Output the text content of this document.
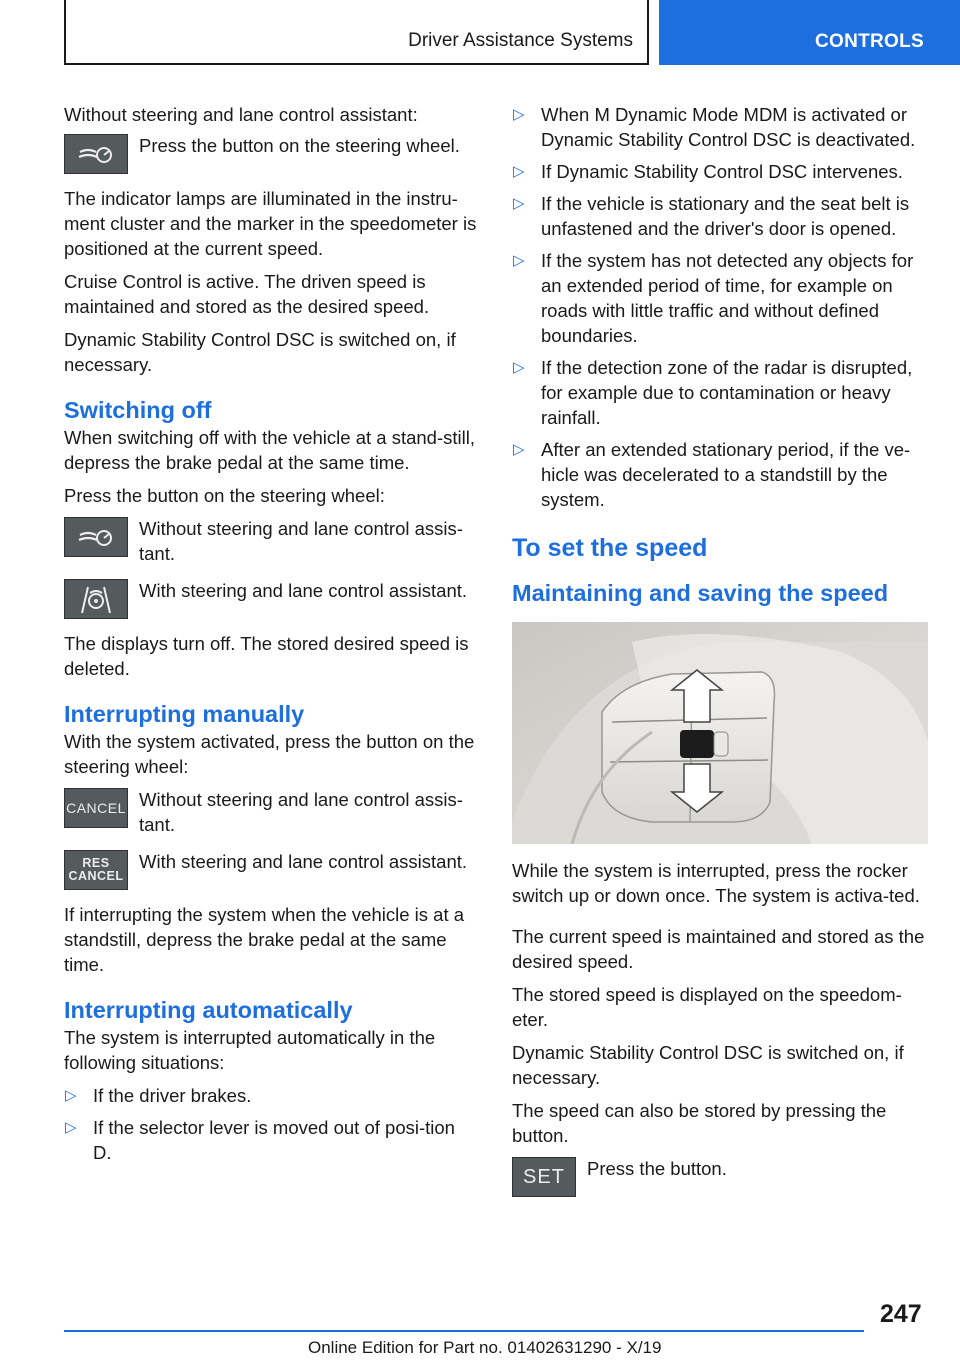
Driver Assistance Systems	CONTROLS

Without steering and lane control assistant:

Press the button on the steering wheel.

The indicator lamps are illuminated in the instru-ment cluster and the marker in the speedometer is positioned at the current speed.

Cruise Control is active. The driven speed is maintained and stored as the desired speed.

Dynamic Stability Control DSC is switched on, if necessary.

Switching off

When switching off with the vehicle at a stand-still, depress the brake pedal at the same time.

Press the button on the steering wheel:

Without steering and lane control assis-tant.

With steering and lane control assistant.

The displays turn off. The stored desired speed is deleted.

Interrupting manually

With the system activated, press the button on the steering wheel:

CANCEL Without steering and lane control assis-tant.

RES
CANCEL

With steering and lane control assistant.

If interrupting the system when the vehicle is at a standstill, depress the brake pedal at the same time.

Interrupting automatically

The system is interrupted automatically in the following situations:

▷ If the driver brakes.
▷ If the selector lever is moved out of posi-tion D.
▷ When M Dynamic Mode MDM is activated or Dynamic Stability Control DSC is deactivated.
▷ If Dynamic Stability Control DSC intervenes.
▷ If the vehicle is stationary and the seat belt is unfastened and the driver's door is opened.
▷ If the system has not detected any objects for an extended period of time, for example on roads with little traffic and without defined boundaries.
▷ If the detection zone of the radar is disrupted, for example due to contamination or heavy rainfall.
▷ After an extended stationary period, if the ve-hicle was decelerated to a standstill by the system.
To set the speed
Maintaining and saving the speed

While the system is interrupted, press the rocker switch up or down once. The system is activa-ted.

The current speed is maintained and stored as the desired speed.

The stored speed is displayed on the speedom-eter.

Dynamic Stability Control DSC is switched on, if necessary.

The speed can also be stored by pressing the button.

SET Press the button.

247
Online Edition for Part no. 01402631290 - X/19
